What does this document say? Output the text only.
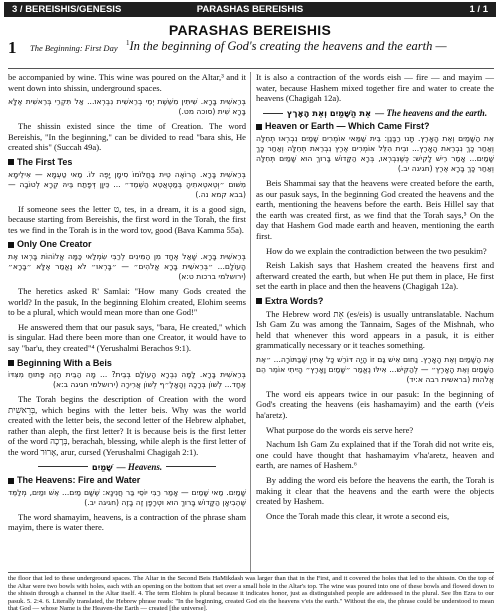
3 / BEREISHIS/GENESIS	PARASHAS BEREISHIS	1 / 1
PARASHAS BEREISHIS
1	The Beginning: First Day	$^1$In the beginning of God's creating the heavens and the earth —

be accompanied by wine. This wine was poured on the Altar,³ and it went down into shissin, underground spaces.

בְּרֵאשִׁית בָּרָא. שִׁיתִּין מִשֵּׁשֶׁת יְמֵי בְרֵאשִׁית נִבְרְאוּ... אַל תִּקְרֵי בְּרֵאשִׁית אֶלָּא בָּרָא שִׁית (סוכה מט.)

The shissin existed since the time of Creation. The word Bereishis, "In the beginning," can be divided to read "bara shis, He created shis" (Succah 49a).

The First Tes
בְּרֵאשִׁית בָּרָא. הָרוֹאֶה טֵית בַּחֲלוֹמוֹ סִימָן יָפֶה לוֹ. מַאי טַעְמָא — אִילֵימָא מִשּׁוּם ״וְטֵאטֵאתִיהָ בְּמַטְאֲטֵא הַשְׁמֵד״ ... כֵּיוָן דְּפָתַח בֵּיהּ קְרָא לְטוֹבָה — (בבא קמא נה.)

If someone sees the letter ט, tes, in a dream, it is a good sign, because starting from Bereishis, the first word in the Torah, the first tes we find in the Torah is in the word tov, good (Bava Kamma 55a).

Only One Creator
בְּרֵאשִׁית בָּרָא. שָׁאַל אֶחָד מִן הַמִּינִים לְרַבִּי שִׂמְלַאי כַּמָּה אֱלוֹהוֹת בָּרְאוּ אֶת הָעוֹלָם... ״בְּרֵאשִׁית בָּרָא אֱלֹהִים״ — ״בָּרְאוּ״ לֹא נֶאֱמַר אֶלָּא ״בָּרָא״ (ירושלמי ברכות ט:א)

The heretics asked R' Samlai: "How many Gods created the world? In the pasuk, In the beginning Elohim created, Elohim seems to be a plural, which would mean more than one God!"

He answered them that our pasuk says, "bara, He created," which is singular. Had there been more than one Creator, it would have to say "bar'u, they created"⁴ (Yerushalmi Berachos 9:1).

Beginning With a Beis
בְּרֵאשִׁית בָּרָא. לָמָּה נִבְרָא הָעוֹלָם בְּבֵית? ... מָה הַבֵּית הַזֶּה פָּתוּחַ מִצִּדּוֹ אֶחָד... לְשׁוֹן בְּרָכָה וְהָאָלֶ״ף לְשׁוֹן אֲרִירָה (ירושלמי חגיגה ב:א)

The Torah begins the description of Creation with the word בְּרֵאשִׁית, which begins with the letter beis. Why was the world created with the letter beis, the second letter of the Hebrew alphabet, rather than aleph, the first letter? It is because beis is the first letter of the word בְּרָכָה, berachah, blessing, while aleph is the first letter of the word אָרוּר, arur, cursed (Yerushalmi Chagigah 2:1).

שָׁמַיִם — Heavens.
The Heavens: Fire and Water
שָׁמַיִם. מַאי שָׁמַיִם — אָמַר רַבִּי יוֹסֵי בַּר חֲנִינָא: שֶׁשָּׁם מַיִם... אֵשׁ וּמַיִם, מְלַמֵּד שֶׁהֵבִיאָן הַקָּדוֹשׁ בָּרוּךְ הוּא וּטְרָפָן זֶה בָזֶה (חגיגה יב.)

The word shamayim, heavens, is a contraction of the phrase sham mayim, there is water there.

It is also a contraction of the words eish — fire — and mayim — water, because Hashem mixed together fire and water to create the heavens (Chagigah 12a).

אֵת הַשָּׁמַיִם וְאֵת הָאָרֶץ — The heavens and the earth.
Heaven or Earth — Which Came First?
אֵת הַשָּׁמַיִם וְאֵת הָאָרֶץ. תָּנוּ רַבָּנַן: בֵּית שַׁמַּאי אוֹמְרִים שָׁמַיִם נִבְרְאוּ תְחִלָּה וְאַחַר כָּךְ נִבְרֵאת הָאָרֶץ... וּבֵית הִלֵּל אוֹמְרִים אֶרֶץ נִבְרֵאת תְּחִלָּה וְאַחַר כָּךְ שָׁמַיִם... אָמַר רֵישׁ לָקִישׁ: כְּשֶׁנִּבְרְאוּ, בְּרָא הַקָּדוֹשׁ בָּרוּךְ הוּא שָׁמַיִם תְּחִלָּה וְאַחַר כָּךְ בָּרָא אֶרֶץ (חגיגה יב.)

Beis Shammai say that the heavens were created before the earth, as our pasuk says, In the beginning God created the heavens and the earth, mentioning the heavens before the earth. Beis Hillel say that the earth was created first, as we find that the Torah says,⁵ On the day that Hashem God made earth and heaven, mentioning the earth first.

How do we explain the contradiction between the two pesukim?

Reish Lakish says that Hashem created the heavens first and afterward created the earth, but when He put them in place, He first set the earth in place and then the heavens (Chagigah 12a).

Extra Words?

The Hebrew word אֵת (es/eis) is usually untranslatable. Nachum Ish Gam Zu was among the Tannaim, Sages of the Mishnah, who held that whenever this word appears in a pasuk, it is either grammatically necessary or it teaches something.

אֵת הַשָּׁמַיִם וְאֵת הָאָרֶץ. נַחוּם אִישׁ גַּם זוֹ הָיָה דּוֹרֵשׁ כָּל אֶתִּין שֶׁבַּתּוֹרָה... ״אֵת הַשָּׁמַיִם וְאֵת הָאָרֶץ״ — לְהַקִּישׁ... אִילּוּ נֶאֱמַר ״שָׁמַיִם וָאָרֶץ״ הָיִיתִי אוֹמֵר הֵם אֱלֹהוּת (בראשית רבה א:יד)

The word eis appears twice in our pasuk: In the beginning of God's creating the heavens (eis hashamayim) and the earth (v'eis ha'aretz).

What purpose do the words eis serve here?

Nachum Ish Gam Zu explained that if the Torah did not write eis, one could have thought that hashamayim v'ha'aretz, heaven and earth, are names of Hashem.⁶

By adding the word eis before the heavens the earth, the Torah is making it clear that the heavens and the earth were the objects created by Hashem.

Once the Torah made this clear, it wrote a second eis,

the floor that led to these underground spaces. The Altar in the Second Beis HaMikdash was larger than that in the First, and it covered the holes that led to the shissin. On the top of the Altar were two bowls with holes, each with an opening on the bottom that set over a small hole in the Altar's top. The wine was poured into one of these bowls and flowed down to the shissin through a channel in the Altar itself. 4. The term Elohim is plural because it indicates honor, just as distinguished people are addressed in the plural. See Ibn Ezra to our pasuk. 5. 2:4. 6. Literally translated, the Hebrew phrase reads: "In the beginning, created God eis the heavens v'eis the earth." Without the eis, the phrase could be understood to mean that God — whose Name is the Heaven-the Earth — created [the universe].
